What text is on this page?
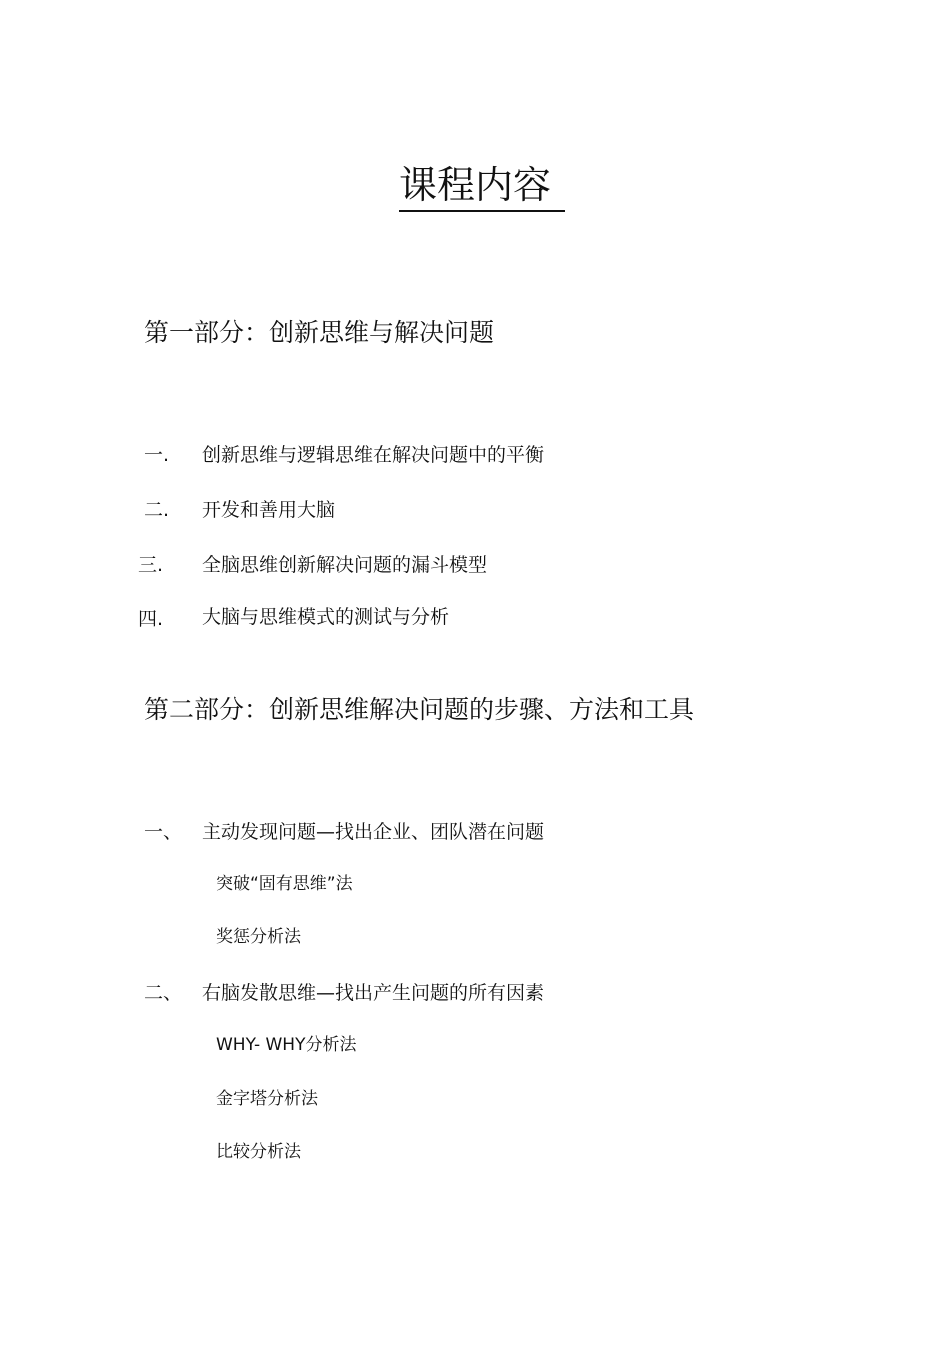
课程内容
第一部分：创新思维与解决问题
一. 创新思维与逻辑思维在解决问题中的平衡
二. 开发和善用大脑
三. 全脑思维创新解决问题的漏斗模型
四. 大脑与思维模式的测试与分析
第二部分：创新思维解决问题的步骤、方法和工具
一、 主动发现问题—找出企业、团队潜在问题
突破“固有思维”法
奖惩分析法
二、 右脑发散思维—找出产生问题的所有因素
WHY- WHY分析法
金字塔分析法
比较分析法
